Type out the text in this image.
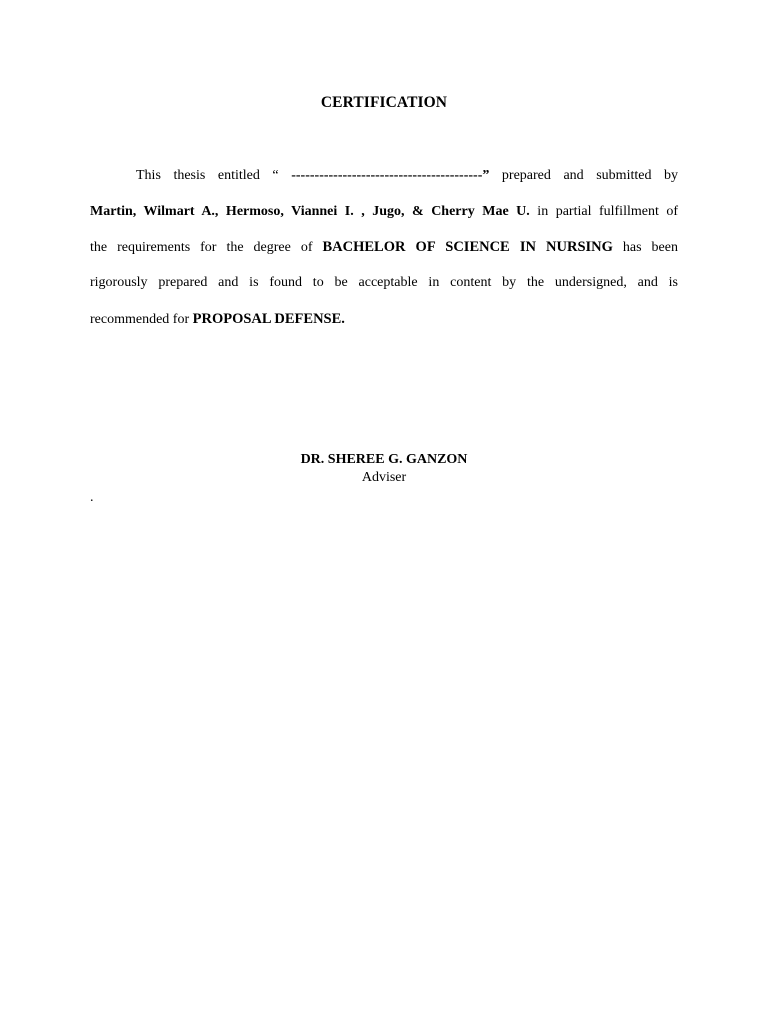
CERTIFICATION
This thesis entitled “ -----------------------------------------” prepared and submitted by
Martin, Wilmart A., Hermoso, Viannei I. , Jugo, & Cherry Mae U. in partial fulfillment of
the requirements for the degree of BACHELOR OF SCIENCE IN NURSING has been
rigorously prepared and is found to be acceptable in content by the undersigned, and is
recommended for PROPOSAL DEFENSE.
DR. SHEREE G. GANZON
Adviser
.
